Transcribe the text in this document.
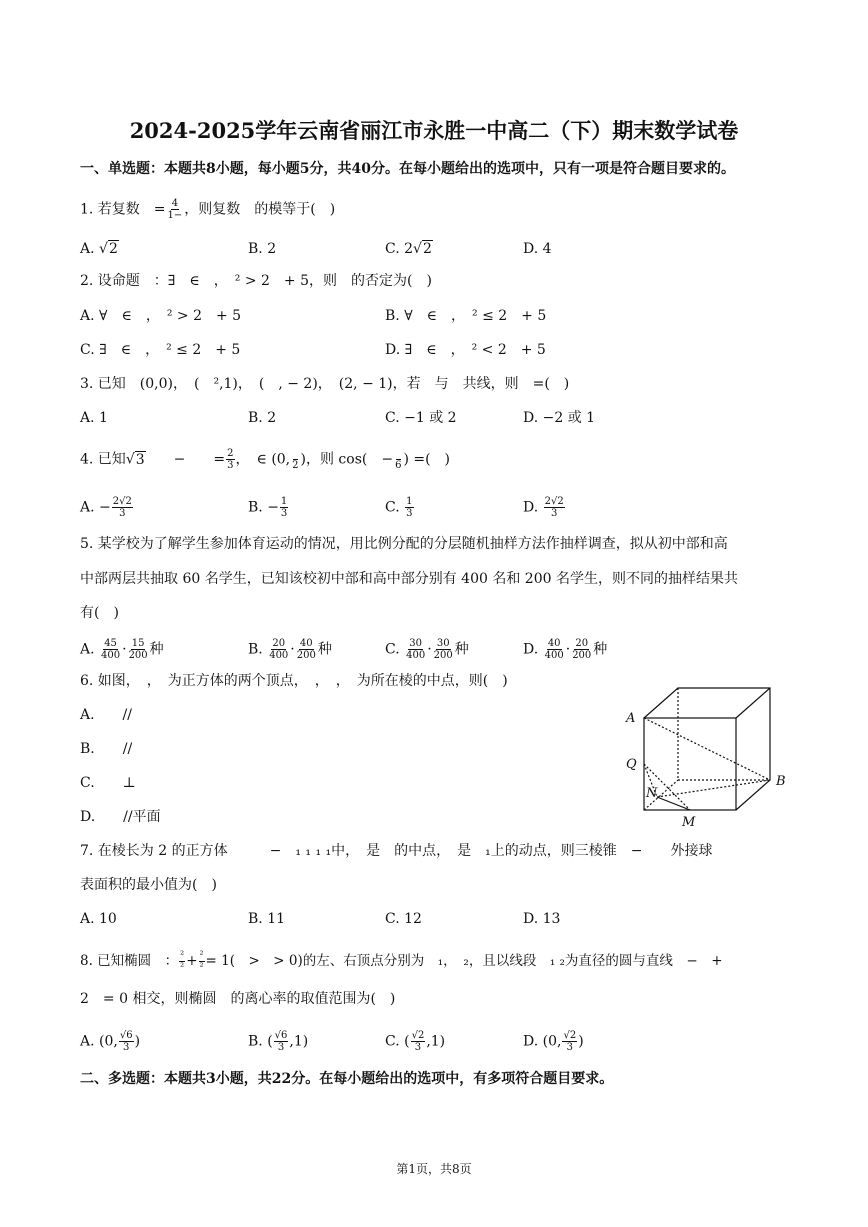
2024-2025学年云南省丽江市永胜一中高二（下）期末数学试卷
一、单选题：本题共8小题，每小题5分，共40分。在每小题给出的选项中，只有一项是符合题目要求的。
1. 若复数　= $\frac{4}{1-}$ ，则复数　的模等于(　)
A. √2	B. 2	C. 2√2	D. 4
2. 设命题　：∃　∈　，　² > 2　+ 5，则　的否定为(　)
A. ∀　∈　，　² > 2　+ 5	B. ∀　∈　，　² ≤ 2　+ 5
C. ∃　∈　，　² ≤ 2　+ 5	D. ∃　∈　，　² < 2　+ 5
3. 已知　(0,0)，　(　²,1)，　(　, − 2)，　(2, − 1)，若　与　共线，则　=(　)
A. 1	B. 2	C. −1 或 2	D. −2 或 1
4. 已知√3　　−　　= $\frac{2}{3}$ ，　∈ (0,
2 )，则 cos(　−
6 ) =(　)
A. − $\frac{2√2}{3}$	B. − $\frac{1}{3}$	C. $\frac{1}{3}$	D. $\frac{2√2}{3}$
5. 某学校为了解学生参加体育运动的情况，用比例分配的分层随机抽样方法作抽样调查，拟从初中部和高
中部两层共抽取 60 名学生，已知该校初中部和高中部分别有 400 名和 200 名学生，则不同的抽样结果共
有(　)
A. $\frac{45}{400} \cdot \frac{15}{200}$ 种	B. $\frac{20}{400} \cdot \frac{40}{200}$ 种	C. $\frac{30}{400} \cdot \frac{30}{200}$ 种	D. $\frac{40}{400} \cdot \frac{20}{200}$ 种
6. 如图，　，　为正方体的两个顶点，　，　，　为所在棱的中点，则(　)
A.　　//
B.　　//
C.　　⊥
D.　　//平面
A
B
Q
N
M
7. 在棱长为 2 的正方体　　　−　₁ ₁ ₁ ₁中，　是　的中点，　是　₁上的动点，则三棱锥　−　　外接球
表面积的最小值为(　)
A. 10	B. 11	C. 12	D. 13
8. 已知椭圆　： $\frac{\text{²}}{\text{²}} + \frac{\text{²}}{\text{²}} = 1$(　>　> 0)的左、右顶点分别为　₁，　₂，且以线段　₁ ₂为直径的圆与直线　−　+
2　= 0 相交，则椭圆　的离心率的取值范围为(　)
A. (0, $\frac{√6}{3}$ )	B. ( $\frac{√6}{3} ,1$)	C. ( $\frac{√2}{3} ,1$)	D. (0, $\frac{√2}{3}$ )
二、多选题：本题共3小题，共22分。在每小题给出的选项中，有多项符合题目要求。
第1页，共8页
